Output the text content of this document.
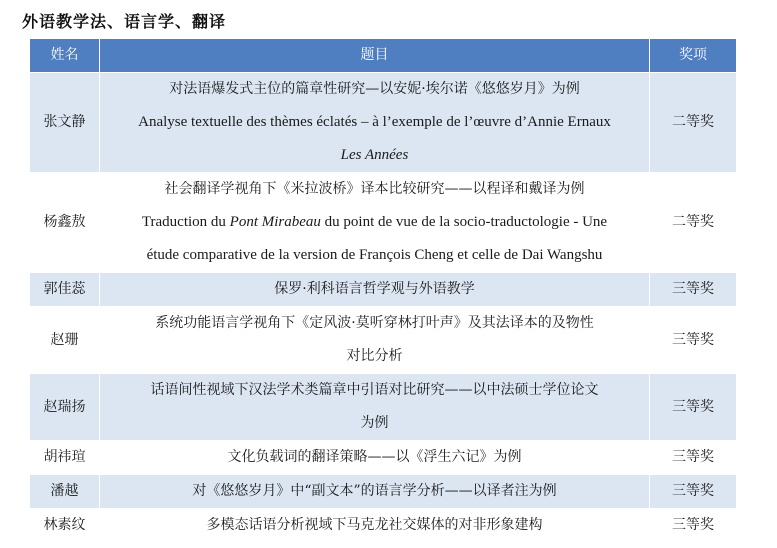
外语教学法、语言学、翻译
姓名	题目	奖项
张文静	对法语爆发式主位的篇章性研究—以安妮·埃尔诺《悠悠岁月》为例
Analyse textuelle des thèmes éclatés – à l’exemple de l’œuvre d’Annie Ernaux
Les Années	二等奖
杨鑫敖	社会翻译学视角下《米拉波桥》译本比较研究——以程译和戴译为例
Traduction du Pont Mirabeau du point de vue de la socio-traductologie - Une
étude comparative de la version de François Cheng et celle de Dai Wangshu	二等奖
郭佳蕊	保罗·利科语言哲学观与外语教学	三等奖
赵珊	系统功能语言学视角下《定风波·莫听穿林打叶声》及其法译本的及物性
对比分析	三等奖
赵瑞扬	话语间性视域下汉法学术类篇章中引语对比研究——以中法硕士学位论文
为例	三等奖
胡祎瑄	文化负载词的翻译策略——以《浮生六记》为例	三等奖
潘越	对《悠悠岁月》中“副文本”的语言学分析——以译者注为例	三等奖
林素纹	多模态话语分析视域下马克龙社交媒体的对非形象建构	三等奖
